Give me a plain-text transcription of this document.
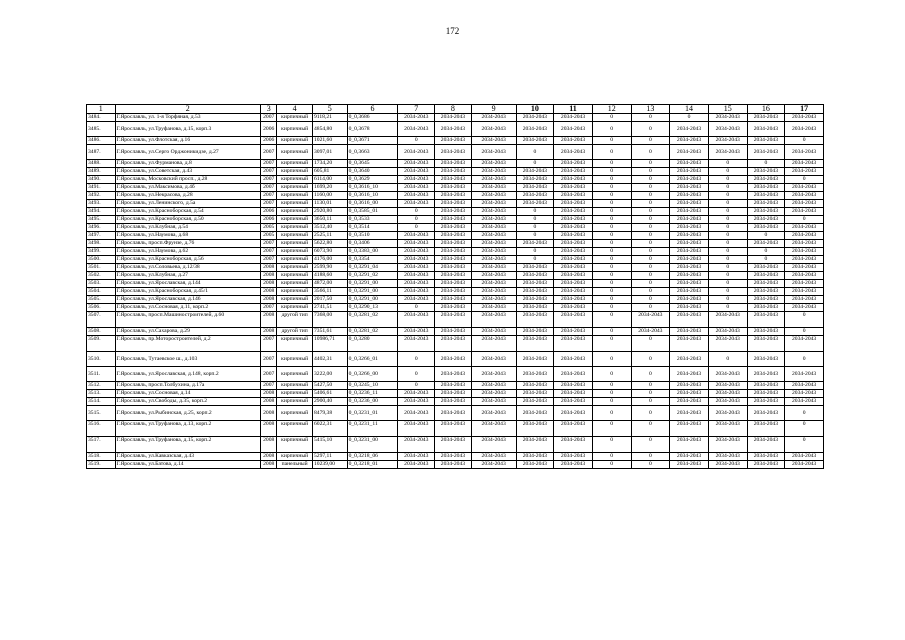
172
1	2	3	4	5	6	7	8	9	10	11	12	13	14	15	16	17
3484.	Г.Ярославль, ул. 1-я Торфяная, д.53	2007	кирпичный	9118,21	0_0,3686	2034-2043	2034-2043	2034-2043	2034-2043	2034-2043	0	0	0	2034-2043	2034-2043	2034-2043
3485.	Г.Ярославль, ул.Труфанова, д.15, корп.3	2006	кирпичный	4854,80	0_0,3678	2034-2043	2034-2043	2034-2043	2034-2043	2034-2043	0	0	2034-2043	2034-2043	2034-2043	2034-2043
3486.	Г.Ярославль, ул.Флотская, д.16	2006	кирпичный	1021,60	0_0,3671	0	2034-2043	2034-2043	2034-2043	2034-2043	0	0	2034-2043	2034-2043	2034-2043	0
3487.	Г.Ярославль, ул.Серго Орджоникидзе, д.27	2007	кирпичный	3097,01	0_0,3663	2034-2043	2034-2043	2034-2043	0	2034-2043	0	0	2034-2043	2034-2043	2034-2043	2034-2043
3488.	Г.Ярославль, ул.Фурманова, д.8	2007	кирпичный	1734,20	0_0,3645	2034-2043	2034-2043	2034-2043	0	2034-2043	0	0	2034-2043	0	0	2034-2043
3489.	Г.Ярославль, ул.Советская, д.43	2007	кирпичный	605,81	0_0,3640	2034-2043	2034-2043	2034-2043	2034-2043	2034-2043	0	0	2034-2043	0	2034-2043	2034-2043
3490.	Г.Ярославль, Московский просп., д.28	2007	кирпичный	6114,00	0_0,3629	2034-2043	2034-2043	2034-2043	2034-2043	2034-2043	0	0	2034-2043	0	2034-2043	0
3491.	Г.Ярославль, ул.Максимова, д.4б	2007	кирпичный	1699,20	0_0,3616_10	2034-2043	2034-2043	2034-2043	2034-2043	2034-2043	0	0	2034-2043	0	2034-2043	2034-2043
3492.	Г.Ярославль, ул.Некрасова, д.28	2007	кирпичный	1160,00	0_0,3616_10	2034-2043	2034-2043	2034-2043	2034-2043	2034-2043	0	0	2034-2043	0	2034-2043	2034-2043
3493.	Г.Ярославль, ул.Ленинского, д.5а	2007	кирпичный	1130,01	0_0,3616_00	2034-2043	2034-2043	2034-2043	2034-2043	2034-2043	0	0	2034-2043	0	2034-2043	2034-2043
3494.	Г.Ярославль, ул.Красноборская, д.54	2006	кирпичный	2920,80	0_0,3585_01	0	2034-2043	2034-2043	0	2034-2043	0	0	2034-2043	0	2034-2043	2034-2043
3495.	Г.Ярославль, ул.Красноборская, д.50	2006	кирпичный	3650,11	0_0,3533	0	2034-2043	2034-2043	0	2034-2043	0	0	2034-2043	0	2034-2043	0
3496.	Г.Ярославль, ул.Клубная, д.54	2005	кирпичный	3512,40	0_0,3514	0	2034-2043	2034-2043	0	2034-2043	0	0	2034-2043	0	2034-2043	2034-2043
3497.	Г.Ярославль, ул.Наумова, д.68	2005	кирпичный	2525,11	0_0,3510	2034-2043	2034-2043	2034-2043	0	2034-2043	0	0	2034-2043	0	0	2034-2043
3498.	Г.Ярославль, просп.Фрунзе, д.76	2007	кирпичный	5622,80	0_0,3406	2034-2043	2034-2043	2034-2043	2034-2043	2034-2043	0	0	2034-2043	0	2034-2043	2034-2043
3499.	Г.Ярославль, ул.Наумова, д.62	2007	кирпичный	6073,90	0_0,3383_00	2034-2043	2034-2043	2034-2043	0	2034-2043	0	0	2034-2043	0	0	2034-2043
3500.	Г.Ярославль, ул.Красноборская, д.56	2007	кирпичный	4176,00	0_0,3354	2034-2043	2034-2043	2034-2043	0	2034-2043	0	0	2034-2043	0	0	2034-2043
3501.	Г.Ярославль, ул.Соловьева, д.12/38	2008	кирпичный	2599,90	0_0,3291_04	2034-2043	2034-2043	2034-2043	2034-2043	2034-2043	0	0	2034-2043	0	2034-2043	2034-2043
3502.	Г.Ярославль, ул.Клубная, д.27	2008	кирпичный	4188,60	0_0,3291_02	2034-2043	2034-2043	2034-2043	2034-2043	2034-2043	0	0	2034-2043	0	2034-2043	2034-2043
3503.	Г.Ярославль, ул.Ярославская, д.144	2008	кирпичный	4872,00	0_0,3291_00	2034-2043	2034-2043	2034-2043	2034-2043	2034-2043	0	0	2034-2043	0	2034-2043	2034-2043
3504.	Г.Ярославль, ул.Красноборская, д.45/1	2008	кирпичный	3566,11	0_0,3291_00	2034-2043	2034-2043	2034-2043	2034-2043	2034-2043	0	0	2034-2043	0	2034-2043	2034-2043
3505.	Г.Ярославль, ул.Ярославская, д.146	2008	кирпичный	2017,50	0_0,3291_00	2034-2043	2034-2043	2034-2043	2034-2043	2034-2043	0	0	2034-2043	0	2034-2043	2034-2043
3506.	Г.Ярославль, ул.Сосновая, д.11, корп.2	2007	кирпичный	2741,51	0_0,3290_13	0	2034-2043	2034-2043	2034-2043	2034-2043	0	0	2034-2043	0	2034-2043	2034-2043
3507.	Г.Ярославль, просп.Машиностроителей, д.60	2008	другой тип	7368,00	0_0,3281_02	2034-2043	2034-2043	2034-2043	2034-2043	2034-2043	0	2034-2043	2034-2043	2034-2043	2034-2043	0
3508.	Г.Ярославль, ул.Сахарова, д.29	2008	другой тип	7351,61	0_0,3281_02	2034-2043	2034-2043	2034-2043	2034-2043	2034-2043	0	2034-2043	2034-2043	2034-2043	2034-2043	0
3509.	Г.Ярославль, пр.Моторостроителей, д.2	2007	кирпичный	10986,71	0_0,3280	2034-2043	2034-2043	2034-2043	2034-2043	2034-2043	0	0	2034-2043	2034-2043	2034-2043	2034-2043
3510.	Г.Ярославль, Тутаевское ш., д.103	2007	кирпичный	4402,31	0_0,3266_01	0	2034-2043	2034-2043	2034-2043	2034-2043	0	0	2034-2043	0	2034-2043	0
3511.	Г.Ярославль, ул.Ярославская, д.148, корп.2	2007	кирпичный	3222,00	0_0,3266_00	0	2034-2043	2034-2043	2034-2043	2034-2043	0	0	2034-2043	2034-2043	2034-2043	2034-2043
3512.	Г.Ярославль, просп.Толбухина, д.17а	2007	кирпичный	5427,50	0_0,3245_10	0	2034-2043	2034-2043	2034-2043	2034-2043	0	0	2034-2043	2034-2043	2034-2043	2034-2043
3513.	Г.Ярославль, ул.Сосновая, д.14	2008	кирпичный	5406,61	0_0,3236_11	2034-2043	2034-2043	2034-2043	2034-2043	2034-2043	0	0	2034-2043	2034-2043	2034-2043	2034-2043
3514.	Г.Ярославль, ул.Свободы, д.35, корп.2	2008	кирпичный	2900,40	0_0,3236_00	2034-2043	2034-2043	2034-2043	2034-2043	2034-2043	0	0	2034-2043	2034-2043	2034-2043	2034-2043
3515.	Г.Ярославль, ул.Рыбинская, д.25, корп.2	2008	кирпичный	8479,38	0_0,3231_01	2034-2043	2034-2043	2034-2043	2034-2043	2034-2043	0	0	2034-2043	2034-2043	2034-2043	0
3516.	Г.Ярославль, ул.Труфанова, д.13, корп.2	2008	кирпичный	6022,31	0_0,3231_11	2034-2043	2034-2043	2034-2043	2034-2043	2034-2043	0	0	2034-2043	2034-2043	2034-2043	0
3517.	Г.Ярославль, ул.Труфанова, д.15, корп.2	2008	кирпичный	5415,10	0_0,3231_00	2034-2043	2034-2043	2034-2043	2034-2043	2034-2043	0	0	2034-2043	2034-2043	2034-2043	0
3518.	Г.Ярославль, ул.Кавказская, д.43	2008	кирпичный	5297,11	0_0,3218_06	2034-2043	2034-2043	2034-2043	2034-2043	2034-2043	0	0	2034-2043	2034-2043	2034-2043	2034-2043
3519.	Г.Ярославль, ул.Батова, д.14	2008	панельный	10239,00	0_0,3218_01	2034-2043	2034-2043	2034-2043	2034-2043	2034-2043	0	0	2034-2043	2034-2043	2034-2043	2034-2043
